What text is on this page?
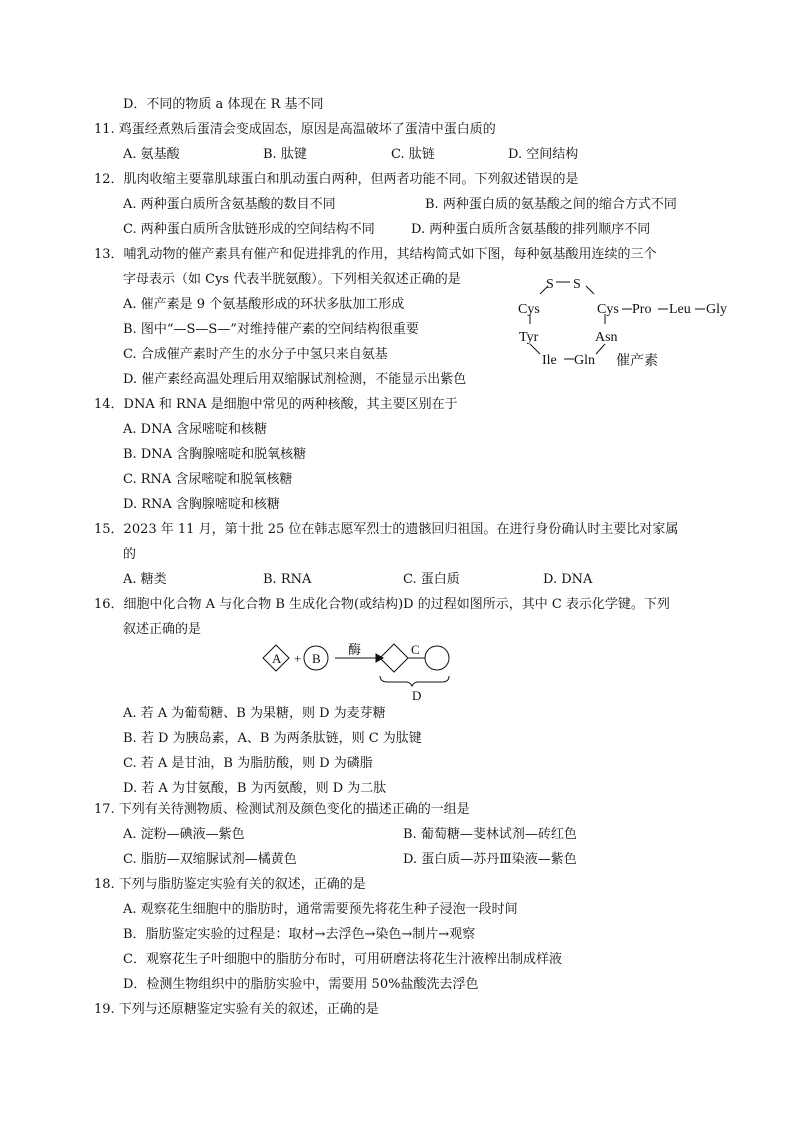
D．不同的物质 a 体现在 R 基不同
11. 鸡蛋经煮熟后蛋清会变成固态，原因是高温破坏了蛋清中蛋白质的
A. 氨基酸	B. 肽键	C. 肽链	D. 空间结构
12．肌肉收缩主要靠肌球蛋白和肌动蛋白两种，但两者功能不同。下列叙述错误的是
A. 两种蛋白质所含氨基酸的数目不同	B. 两种蛋白质的氨基酸之间的缩合方式不同
C. 两种蛋白质所含肽链形成的空间结构不同	D. 两种蛋白质所含氨基酸的排列顺序不同
13．哺乳动物的催产素具有催产和促进排乳的作用，其结构简式如下图，每种氨基酸用连续的三个
字母表示（如 Cys 代表半胱氨酸）。下列相关叙述正确的是
A. 催产素是 9 个氨基酸形成的环状多肽加工形成
B. 图中“—S—S—”对维持催产素的空间结构很重要
C. 合成催产素时产生的水分子中氢只来自氨基
D. 催产素经高温处理后用双缩脲试剂检测，不能显示出紫色
S S
Cys	Cys Pro Leu Gly
Tyr	Asn
Ile Gln 催产素
14．DNA 和 RNA 是细胞中常见的两种核酸，其主要区别在于
A. DNA 含尿嘧啶和核糖
B. DNA 含胸腺嘧啶和脱氧核糖
C. RNA 含尿嘧啶和脱氧核糖
D. RNA 含胸腺嘧啶和核糖
15．2023 年 11 月，第十批 25 位在韩志愿军烈士的遗骸回归祖国。在进行身份确认时主要比对家属
的
A. 糖类	B. RNA	C. 蛋白质	D. DNA
16．细胞中化合物 A 与化合物 B 生成化合物(或结构)D 的过程如图所示，其中 C 表示化学键。下列
叙述正确的是
A + B
酶	C
D
A. 若 A 为葡萄糖、B 为果糖，则 D 为麦芽糖
B. 若 D 为胰岛素，A、B 为两条肽链，则 C 为肽键
C. 若 A 是甘油，B 为脂肪酸，则 D 为磷脂
D. 若 A 为甘氨酸，B 为丙氨酸，则 D 为二肽
17. 下列有关待测物质、检测试剂及颜色变化的描述正确的一组是
A. 淀粉—碘液—紫色	B. 葡萄糖—斐林试剂—砖红色
C. 脂肪—双缩脲试剂—橘黄色	D. 蛋白质—苏丹Ⅲ染液—紫色
18. 下列与脂肪鉴定实验有关的叙述，正确的是
A. 观察花生细胞中的脂肪时，通常需要预先将花生种子浸泡一段时间
B．脂肪鉴定实验的过程是：取材→去浮色→染色→制片→观察
C．观察花生子叶细胞中的脂肪分布时，可用研磨法将花生汁液榨出制成样液
D．检测生物组织中的脂肪实验中，需要用 50%盐酸洗去浮色
19. 下列与还原糖鉴定实验有关的叙述，正确的是
